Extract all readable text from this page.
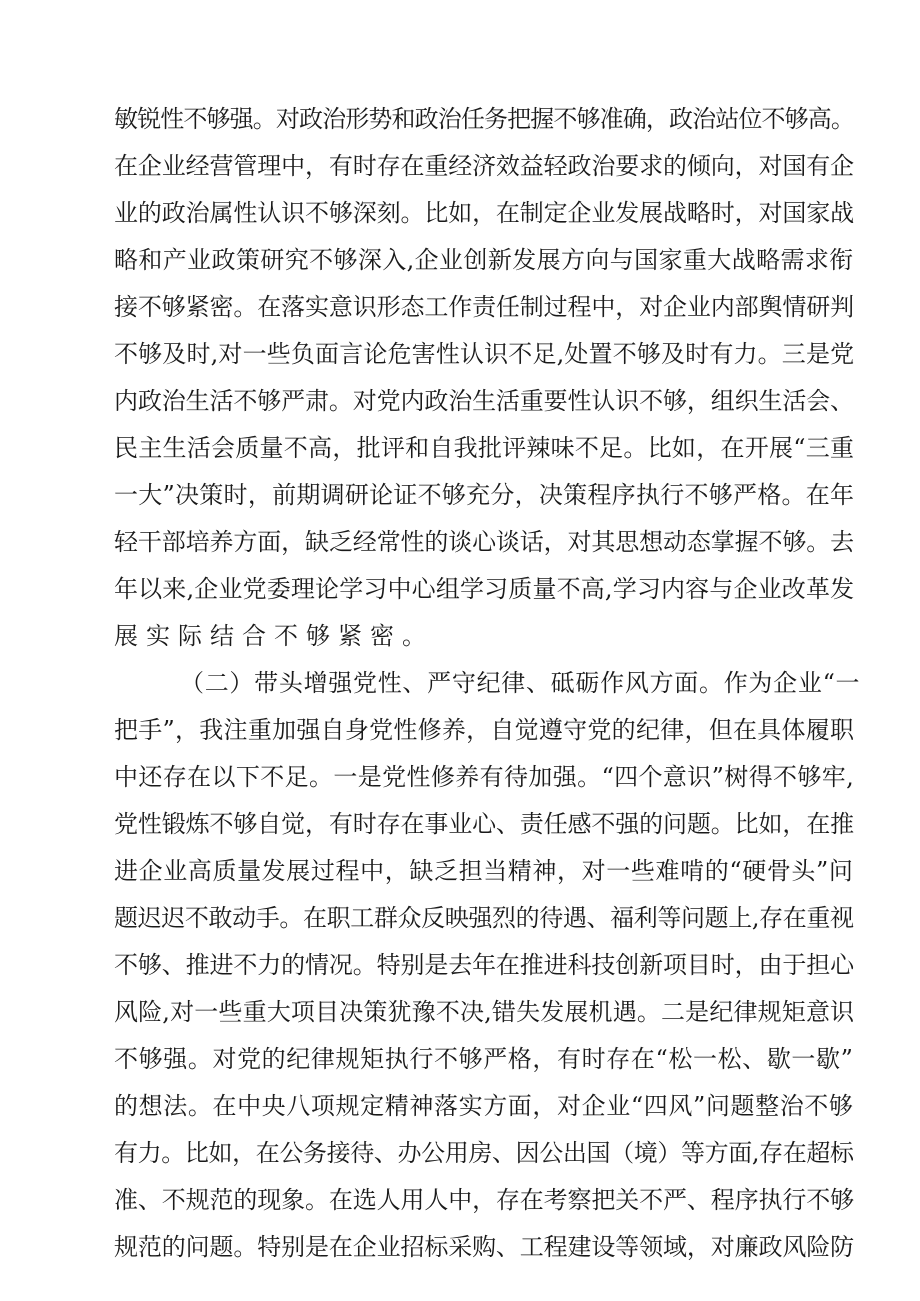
敏锐性不够强。对政治形势和政治任务把握不够准确，政治站位不够高。
在企业经营管理中，有时存在重经济效益轻政治要求的倾向，对国有企
业的政治属性认识不够深刻。比如，在制定企业发展战略时，对国家战
略和产业政策研究不够深入,企业创新发展方向与国家重大战略需求衔
接不够紧密。在落实意识形态工作责任制过程中，对企业内部舆情研判
不够及时,对一些负面言论危害性认识不足,处置不够及时有力。三是党
内政治生活不够严肃。对党内政治生活重要性认识不够，组织生活会、
民主生活会质量不高，批评和自我批评辣味不足。比如，在开展“三重
一大”决策时，前期调研论证不够充分，决策程序执行不够严格。在年
轻干部培养方面，缺乏经常性的谈心谈话，对其思想动态掌握不够。去
年以来,企业党委理论学习中心组学习质量不高,学习内容与企业改革发
展实际结合不够紧密。
（二）带头增强党性、严守纪律、砥砺作风方面。作为企业“一
把手”，我注重加强自身党性修养，自觉遵守党的纪律，但在具体履职
中还存在以下不足。一是党性修养有待加强。“四个意识”树得不够牢,
党性锻炼不够自觉，有时存在事业心、责任感不强的问题。比如，在推
进企业高质量发展过程中，缺乏担当精神，对一些难啃的“硬骨头”问
题迟迟不敢动手。在职工群众反映强烈的待遇、福利等问题上,存在重视
不够、推进不力的情况。特别是去年在推进科技创新项目时，由于担心
风险,对一些重大项目决策犹豫不决,错失发展机遇。二是纪律规矩意识
不够强。对党的纪律规矩执行不够严格，有时存在“松一松、歇一歇”
的想法。在中央八项规定精神落实方面，对企业“四风”问题整治不够
有力。比如，在公务接待、办公用房、因公出国（境）等方面,存在超标
准、不规范的现象。在选人用人中，存在考察把关不严、程序执行不够
规范的问题。特别是在企业招标采购、工程建设等领域，对廉政风险防
